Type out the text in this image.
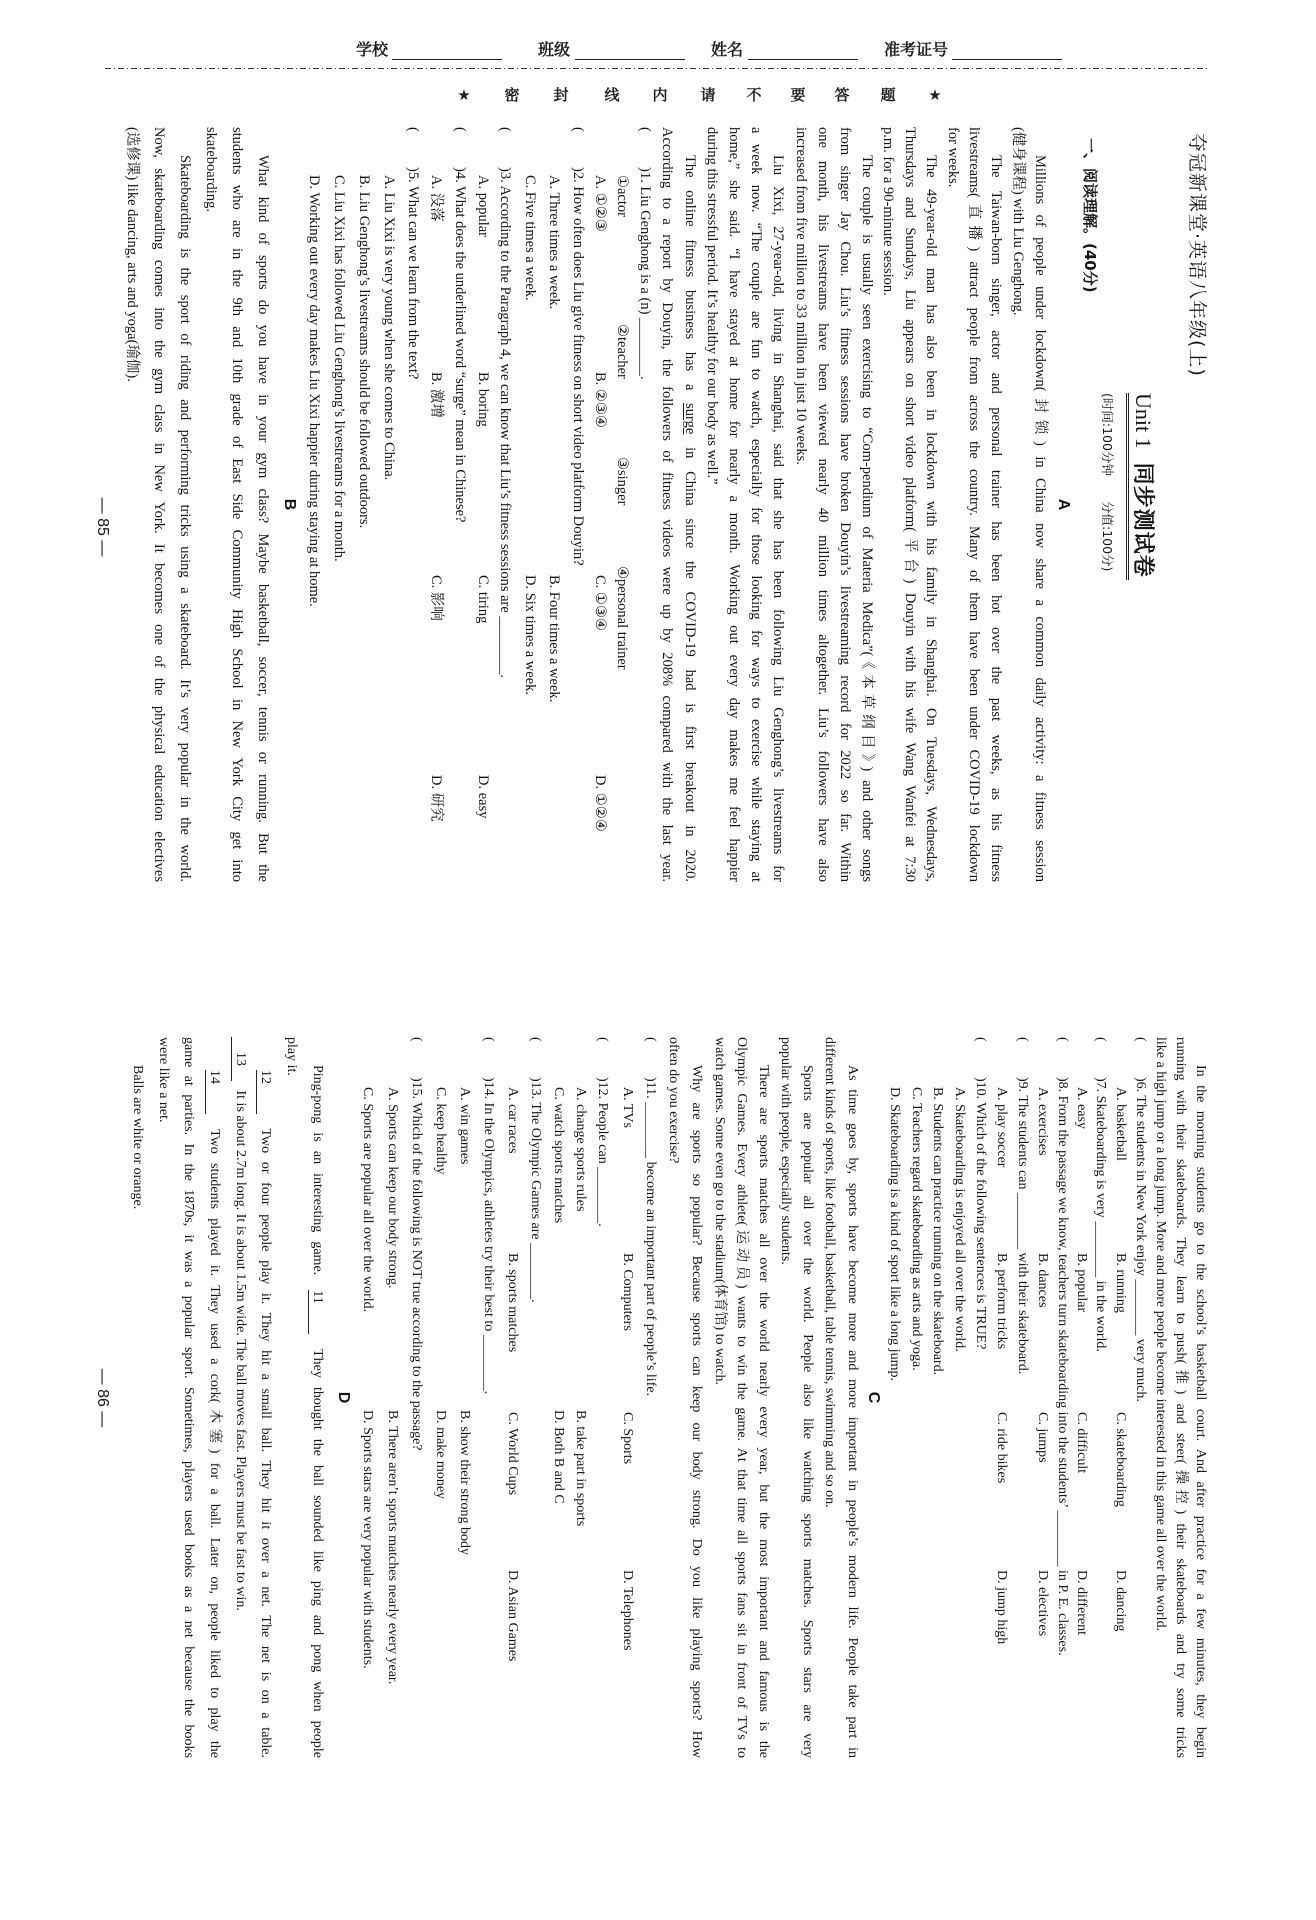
学校	班级	姓名	准考证号
★ 密 封 线 内 请 不 要 答 题 ★
夺冠新课堂·英语八年级(上)
Unit 1同步测试卷
(时间:100分钟　　分值:100分)
一、阅读理解。(40分)
A
Millions of people under lockdown(封锁) in China now share a common daily activity: a fitness session
(健身课程) with Liu Genghong.
The Taiwan-born singer, actor and personal trainer has been hot over the past weeks, as his fitness
livestreams(直播) attract people from across the country. Many of them have been under COVID-19 lockdown
for weeks.
The 49-year-old man has also been in lockdown with his family in Shanghai. On Tuesdays, Wednesdays,
Thursdays and Sundays, Liu appears on short video platform(平台) Douyin with his wife Wang Wanfei at 7:30
p.m. for a 90-minute session.
The couple is usually seen exercising to “Com-pendium of Materia Medica”(《本草纲目》) and other songs
from singer Jay Chou. Liu’s fitness sessions have broken Douyin’s livestreaming record for 2022 so far. Within
one month, his livestreams have been viewed nearly 40 million times altogether. Liu’s followers have also
increased from five million to 33 million in just 10 weeks.
Liu Xixi, 27-year-old, living in Shanghai, said that she has been following Liu Genghong’s livestreams for
a week now. “The couple are fun to watch, especially for those looking for ways to exercise while staying at
home,” she said. “I have stayed at home for nearly a month. Working out every day makes me feel happier
during this stressful period. It’s healthy for our body as well.”
The online fitness business has a surge in China since the COVID-19 had is first breakout in 2020.
According to a report by Douyin, the followers of fitness videos were up by 208% compared with the last year.
(
)1. Liu Genghong is a (n) ________.
①actor
②teacher
③singer
④personal trainer
A. ①②③
B. ②③④
C. ①③④
D. ①②④
(
)2. How often does Liu give fitness on short video platform Douyin?
A. Three times a week.
B. Four times a week.
C. Five times a week.
D. Six times a week.
(
)3. According to the Paragraph 4, we can know that Liu’s fitness sessions are ________.
A. popular
B. boring
C. tiring
D. easy
(
)4. What does the underlined word “surge” mean in Chinese?
A. 没落
B. 激增
C. 影响
D. 研究
(
)5. What can we learn from the text?
A. Liu Xixi is very young when she comes to China.
B. Liu Genghong’s livestreams should be followed outdoors.
C. Liu Xixi has followed Liu Genghong’s livestreams for a month.
D. Working out every day makes Liu Xixi happier during staying at home.
B
What kind of sports do you have in your gym class? Maybe basketball, soccer, tennis or running. But the
students who are in the 9th and 10th grade of East Side Community High School in New York City get into
skateboarding.
Skateboarding is the sport of riding and performing tricks using a skateboard. It’s very popular in the world.
Now, skateboarding comes into the gym class in New York. It becomes one of the physical education electives
(选修课) like dancing, arts and yoga(瑜伽).
— 85 —
In the morning students go to the school’s basketball court. And after practice for a few minutes, they begin
running with their skateboards. They learn to push(推) and steer(操控) their skateboards and try some tricks
like a high jump or a long jump. More and more people become interested in this game all over the world.
(
)6. The students in New York enjoy ________ very much.
A. basketball
B. running
C. skateboarding
D. dancing
(
)7. Skateboarding is very ________ in the world.
A. easy
B. popular
C. difficult
D. different
(
)8. From the passage we know, teachers turn skateboarding into the students’ ________ in P. E. classes.
A. exercises
B. dances
C. jumps
D. electives
(
)9. The students can ________ with their skateboard.
A. play soccer
B. perform tricks
C. ride bikes
D. jump high
(
)10. Which of the following sentences is TRUE?
A. Skateboarding is enjoyed all over the world.
B. Students can practice running on the skateboard.
C. Teachers regard skateboarding as arts and yoga.
D. Skateboarding is a kind of sport like a long jump.
C
As time goes by, sports have become more and more important in people’s modern life. People take part in
different kinds of sports, like football, basketball, table tennis, swimming and so on.
Sports are popular all over the world. People also like watching sports matches. Sports stars are very
popular with people, especially students.
There are sports matches all over the world nearly every year, but the most important and famous is the
Olympic Games. Every athlete(运动员) wants to win the game. At that time all sports fans sit in front of TVs to
watch games. Some even go to the stadium(体育馆) to watch.
Why are sports so popular? Because sports can keep our body strong. Do you like playing sports? How
often do you exercise?
(
)11. ________ become an important part of people’s life.
A. TVs
B. Computers
C. Sports
D. Telephones
(
)12. People can ________.
A. change sports rules
B. take part in sports
C. watch sports matches
D. Both B and C
(
)13. The Olympic Games are ________.
A. car races
B. sports matches
C. World Cups
D. Asian Games
(
)14. In the Olympics, athletes try their best to ________.
A. win games
B. show their strong body
C. keep healthy
D. make money
(
)15. Which of the following is NOT true according to the passage?
A. Sports can keep our body strong.
B. There aren’t sports matches nearly every year.
C. Sports are popular all over the world.
D. Sports stars are very popular with students.
D
Ping-pong is an interesting game. 11 They thought the ball sounded like ping and pong when people
play it.
12 Two or four people play it. They hit a small ball. They hit it over a net. The net is on a table.
13 It is about 2.7m long. It is about 1.5m wide. The ball moves fast. Players must be fast to win.
14 Two students played it. They used a cork(木塞) for a ball. Later on, people liked to play the
game at parties. In the 1870s, it was a popular sport. Sometimes, players used books as a net because the books
were like a net.
Balls are white or orange.
— 86 —
